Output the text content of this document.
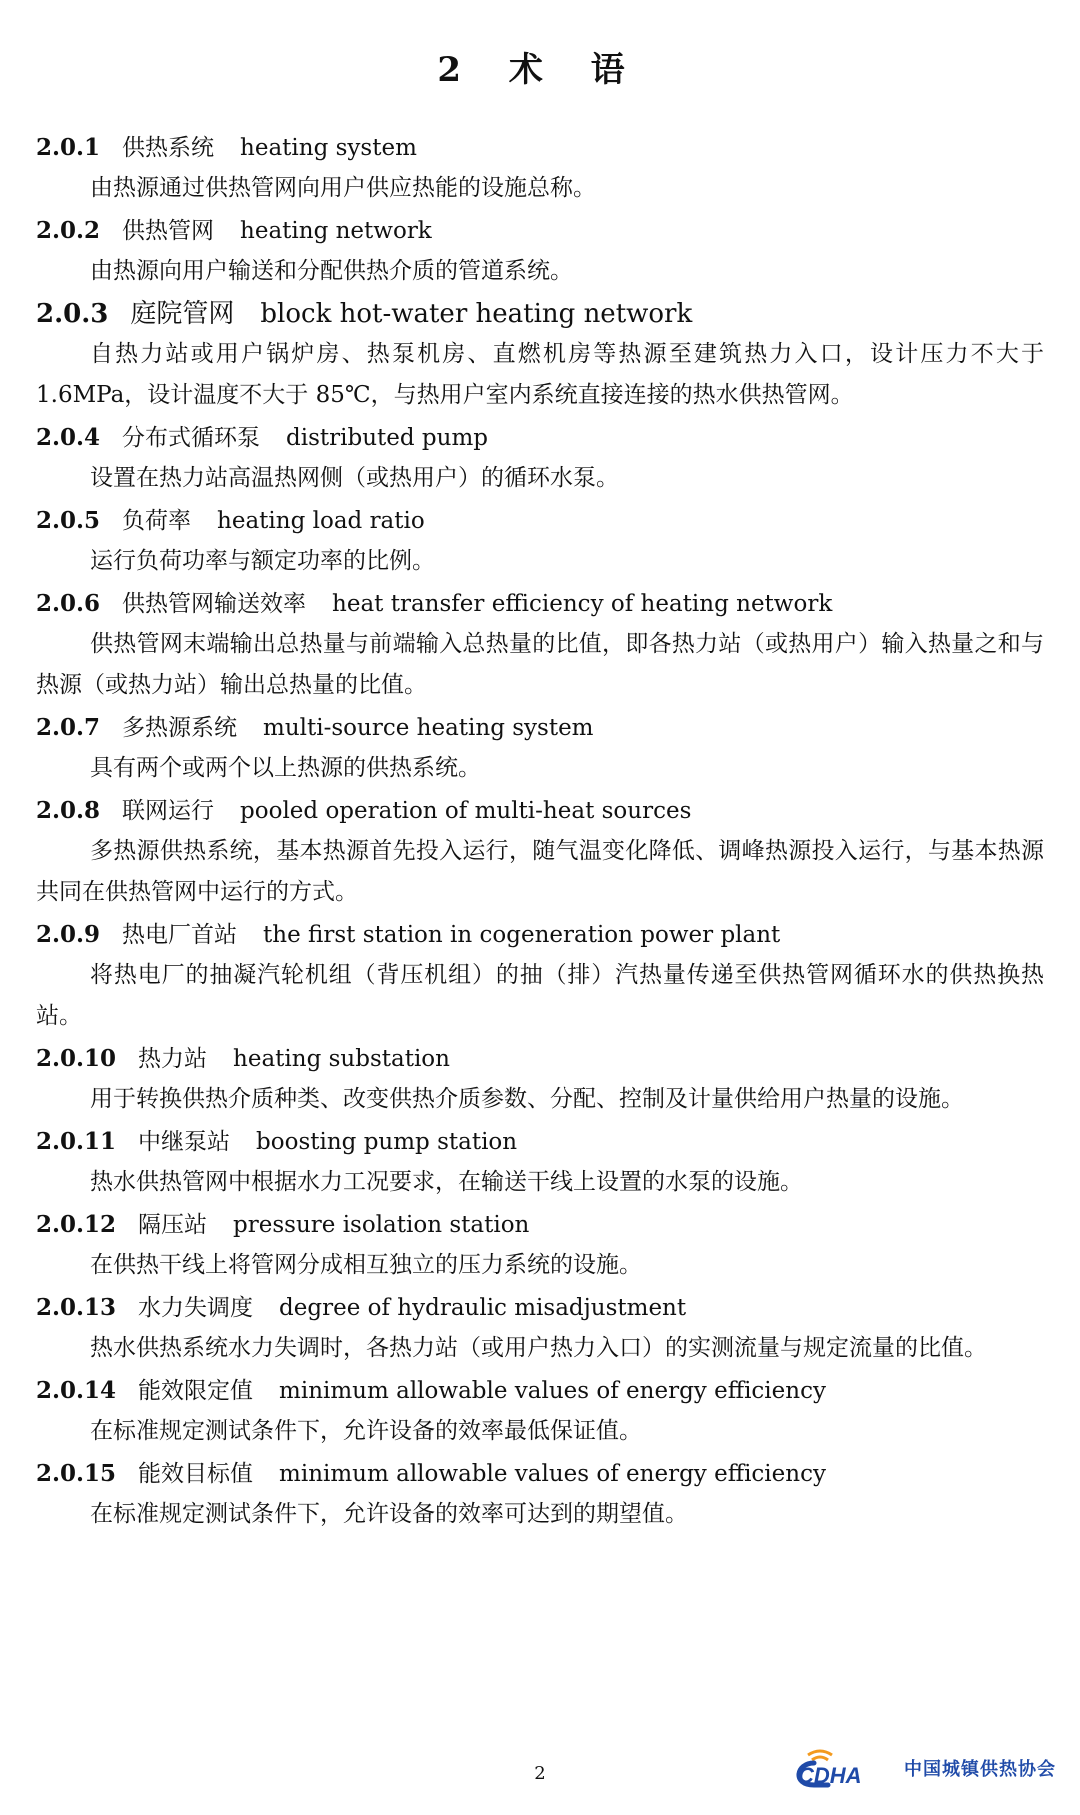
2 术 语
2.0.1 供热系统 heating system

由热源通过供热管网向用户供应热能的设施总称。

2.0.2 供热管网 heating network

由热源向用户输送和分配供热介质的管道系统。

2.0.3 庭院管网 block hot-water heating network

自热力站或用户锅炉房、热泵机房、直燃机房等热源至建筑热力入口，设计压力不大于1.6MPa，设计温度不大于 85℃，与热用户室内系统直接连接的热水供热管网。

2.0.4 分布式循环泵 distributed pump

设置在热力站高温热网侧（或热用户）的循环水泵。

2.0.5 负荷率 heating load ratio

运行负荷功率与额定功率的比例。

2.0.6 供热管网输送效率 heat transfer efficiency of heating network

供热管网末端输出总热量与前端输入总热量的比值，即各热力站（或热用户）输入热量之和与热源（或热力站）输出总热量的比值。

2.0.7 多热源系统 multi-source heating system

具有两个或两个以上热源的供热系统。

2.0.8 联网运行 pooled operation of multi-heat sources

多热源供热系统，基本热源首先投入运行，随气温变化降低、调峰热源投入运行，与基本热源共同在供热管网中运行的方式。

2.0.9 热电厂首站 the first station in cogeneration power plant

将热电厂的抽凝汽轮机组（背压机组）的抽（排）汽热量传递至供热管网循环水的供热换热站。

2.0.10 热力站 heating substation

用于转换供热介质种类、改变供热介质参数、分配、控制及计量供给用户热量的设施。

2.0.11 中继泵站 boosting pump station

热水供热管网中根据水力工况要求，在输送干线上设置的水泵的设施。

2.0.12 隔压站 pressure isolation station

在供热干线上将管网分成相互独立的压力系统的设施。

2.0.13 水力失调度 degree of hydraulic misadjustment

热水供热系统水力失调时，各热力站（或用户热力入口）的实测流量与规定流量的比值。

2.0.14 能效限定值 minimum allowable values of energy efficiency

在标准规定测试条件下，允许设备的效率最低保证值。

2.0.15 能效目标值 minimum allowable values of energy efficiency

在标准规定测试条件下，允许设备的效率可达到的期望值。

2	CDHA 中国城镇供热协会
